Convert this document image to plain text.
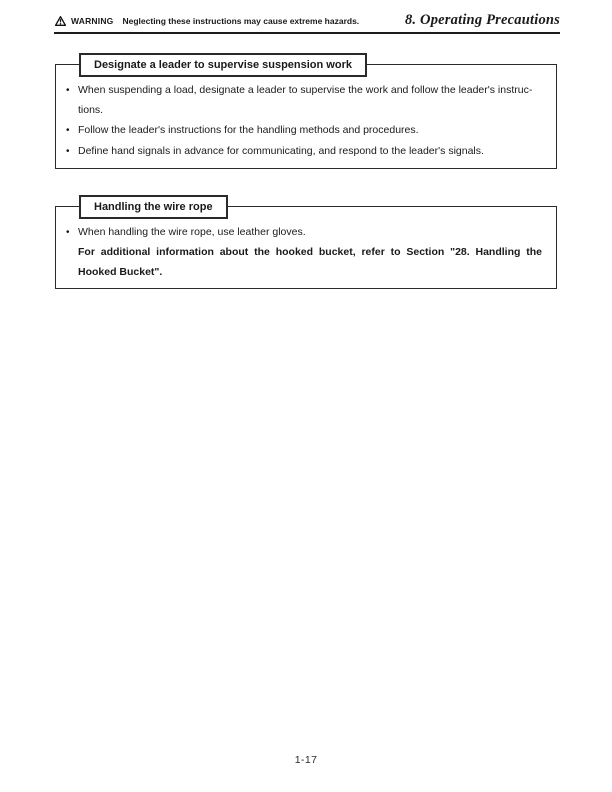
WARNING Neglecting these instructions may cause extreme hazards.	8. Operating Precautions
Designate a leader to supervise suspension work
•
When suspending a load, designate a leader to supervise the work and follow the leader's instructions.
•
Follow the leader's instructions for the handling methods and procedures.
•
Define hand signals in advance for communicating, and respond to the leader's signals.
Handling the wire rope
•
When handling the wire rope, use leather gloves.
For additional information about the hooked bucket, refer to Section "28. Handling the Hooked Bucket".
1-17
